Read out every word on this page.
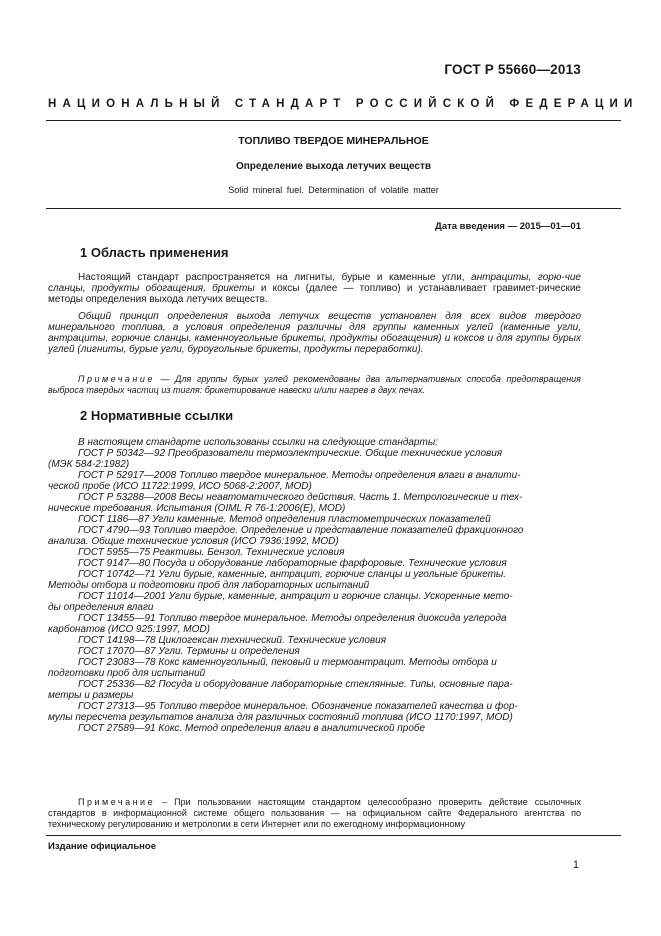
ГОСТ Р 55660—2013
НАЦИОНАЛЬНЫЙ СТАНДАРТ РОССИЙСКОЙ ФЕДЕРАЦИИ
ТОПЛИВО ТВЕРДОЕ МИНЕРАЛЬНОЕ
Определение выхода летучих веществ
Solid mineral fuel. Determination of volatile matter
Дата введения — 2015—01—01
1 Область применения
Настоящий стандарт распространяется на лигниты, бурые и каменные угли, антрациты, горю-чие сланцы, продукты обогащения, брикеты и коксы (далее — топливо) и устанавливает гравимет-рические методы определения выхода летучих веществ.
Общий принцип определения выхода летучих веществ установлен для всех видов твердого минерального топлива, а условия определения различны для группы каменных углей (каменные угли, антрациты, горючие сланцы, каменноугольные брикеты, продукты обогащения) и коксов и для группы бурых углей (лигниты, бурые угли, буроугольные брикеты, продукты переработки).
Примечание — Для группы бурых углей рекомендованы два альтернативных способа предотвращения выброса твердых частиц из тигля: брикетирование навески и/или нагрев в двух печах.
2 Нормативные ссылки
В настоящем стандарте использованы ссылки на следующие стандарты:
ГОСТ Р 50342—92 Преобразователи термоэлектрические. Общие технические условия
(МЭК 584-2:1982)
ГОСТ Р 52917—2008 Топливо твердое минеральное. Методы определения влаги в аналити-
ческой пробе (ИСО 11722:1999, ИСО 5068-2:2007, MOD)
ГОСТ Р 53288—2008 Весы неавтоматического действия. Часть 1. Метрологические и тех-
нические требования. Испытания (OIML R 76-1:2006(E), MOD)
ГОСТ 1186—87 Угли каменные. Метод определения пластометрических показателей
ГОСТ 4790—93 Топливо твердое. Определение и представление показателей фракционного
анализа. Общие технические условия (ИСО 7936:1992, MOD)
ГОСТ 5955—75 Реактивы. Бензол. Технические условия
ГОСТ 9147—80 Посуда и оборудование лабораторные фарфоровые. Технические условия
ГОСТ 10742—71 Угли бурые, каменные, антрацит, горючие сланцы и угольные брикеты.
Методы отбора и подготовки проб для лабораторных испытаний
ГОСТ 11014—2001 Угли бурые, каменные, антрацит и горючие сланцы. Ускоренные мето-
ды определения влаги
ГОСТ 13455—91 Топливо твердое минеральное. Методы определения диоксида углерода
карбонатов (ИСО 925:1997, MOD)
ГОСТ 14198—78 Циклогексан технический. Технические условия
ГОСТ 17070—87 Угли. Термины и определения
ГОСТ 23083—78 Кокс каменноугольный, пековый и термоантрацит. Методы отбора и
подготовки проб для испытаний
ГОСТ 25336—82 Посуда и оборудование лабораторные стеклянные. Типы, основные пара-
метры и размеры
ГОСТ 27313—95 Топливо твердое минеральное. Обозначение показателей качества и фор-
мулы пересчета результатов анализа для различных состояний топлива (ИСО 1170:1997, MOD)
ГОСТ 27589—91 Кокс. Метод определения влаги в аналитической пробе
Примечание – При пользовании настоящим стандартом целесообразно проверить действие ссылочных стандартов в информационной системе общего пользования — на официальном сайте Федерального агентства по техническому регулированию и метрологии в сети Интернет или по ежегодному информационному
Издание официальное
1
